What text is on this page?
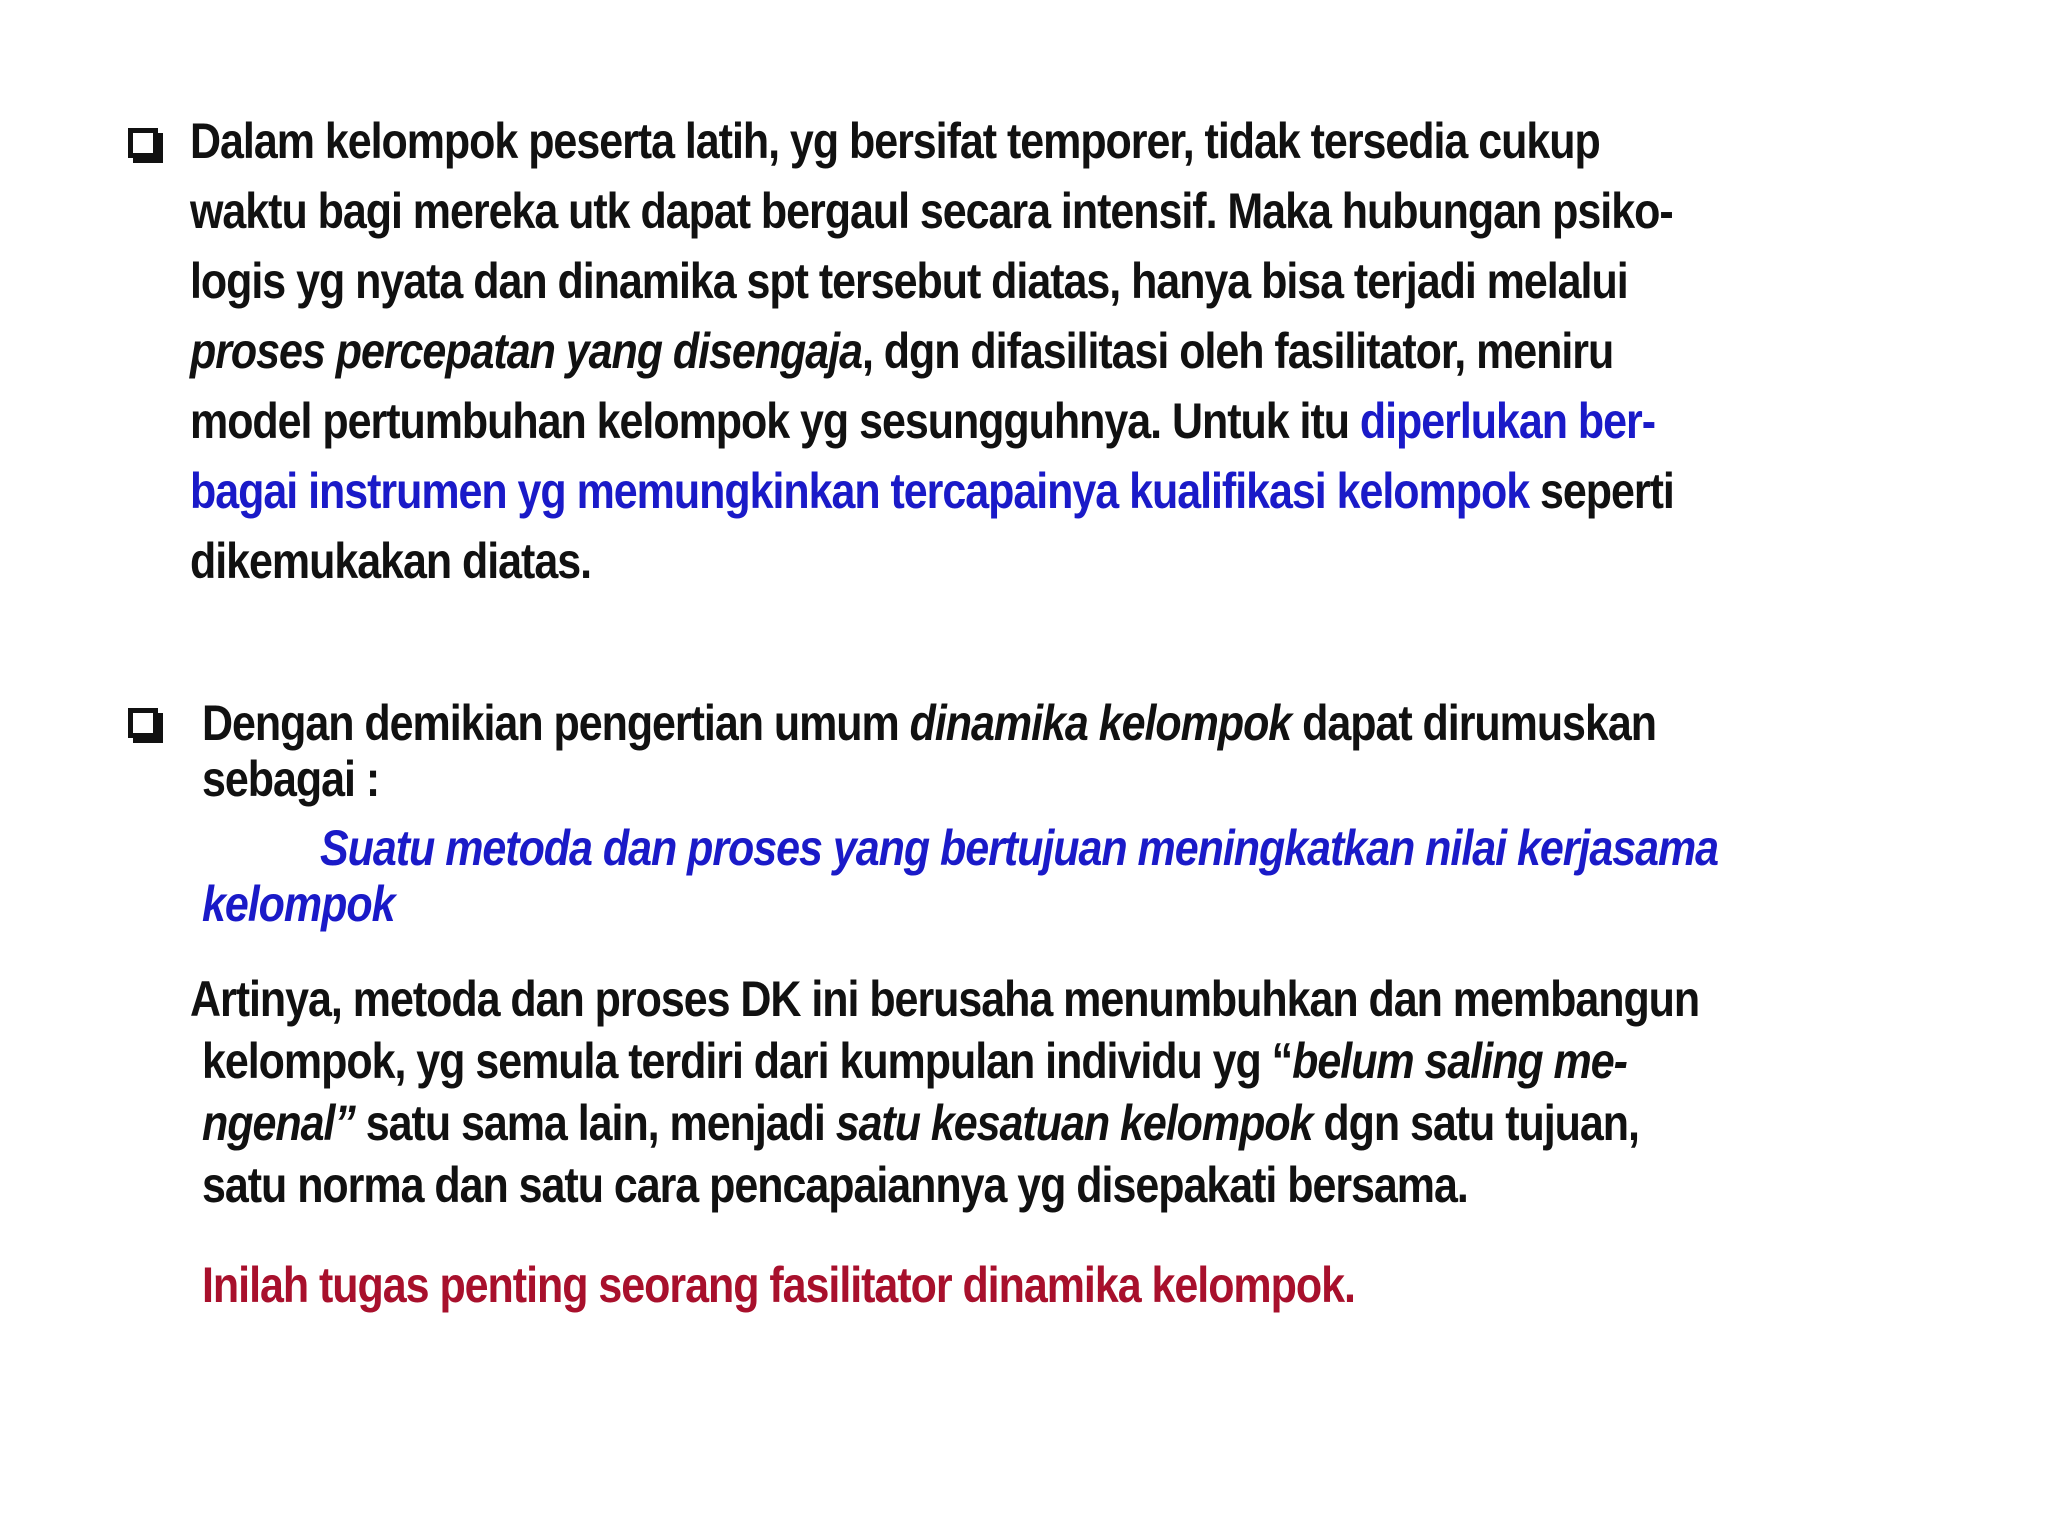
Dalam kelompok peserta latih, yg bersifat temporer, tidak tersedia cukup
waktu bagi mereka utk dapat bergaul secara intensif. Maka hubungan psiko-
logis yg nyata dan dinamika spt tersebut diatas, hanya bisa terjadi melalui
proses percepatan yang disengaja, dgn difasilitasi oleh fasilitator, meniru
model pertumbuhan kelompok yg sesungguhnya. Untuk itu diperlukan ber-
bagai instrumen yg memungkinkan tercapainya kualifikasi kelompok seperti
dikemukakan diatas.
Dengan demikian pengertian umum dinamika kelompok dapat dirumuskan
sebagai :
Suatu metoda dan proses yang bertujuan meningkatkan nilai kerjasama
kelompok
Artinya, metoda dan proses DK ini berusaha menumbuhkan dan membangun
kelompok, yg semula terdiri dari kumpulan individu yg “belum saling me-
ngenal” satu sama lain, menjadi satu kesatuan kelompok dgn satu tujuan,
satu norma dan satu cara pencapaiannya yg disepakati bersama.
Inilah tugas penting seorang fasilitator dinamika kelompok.
